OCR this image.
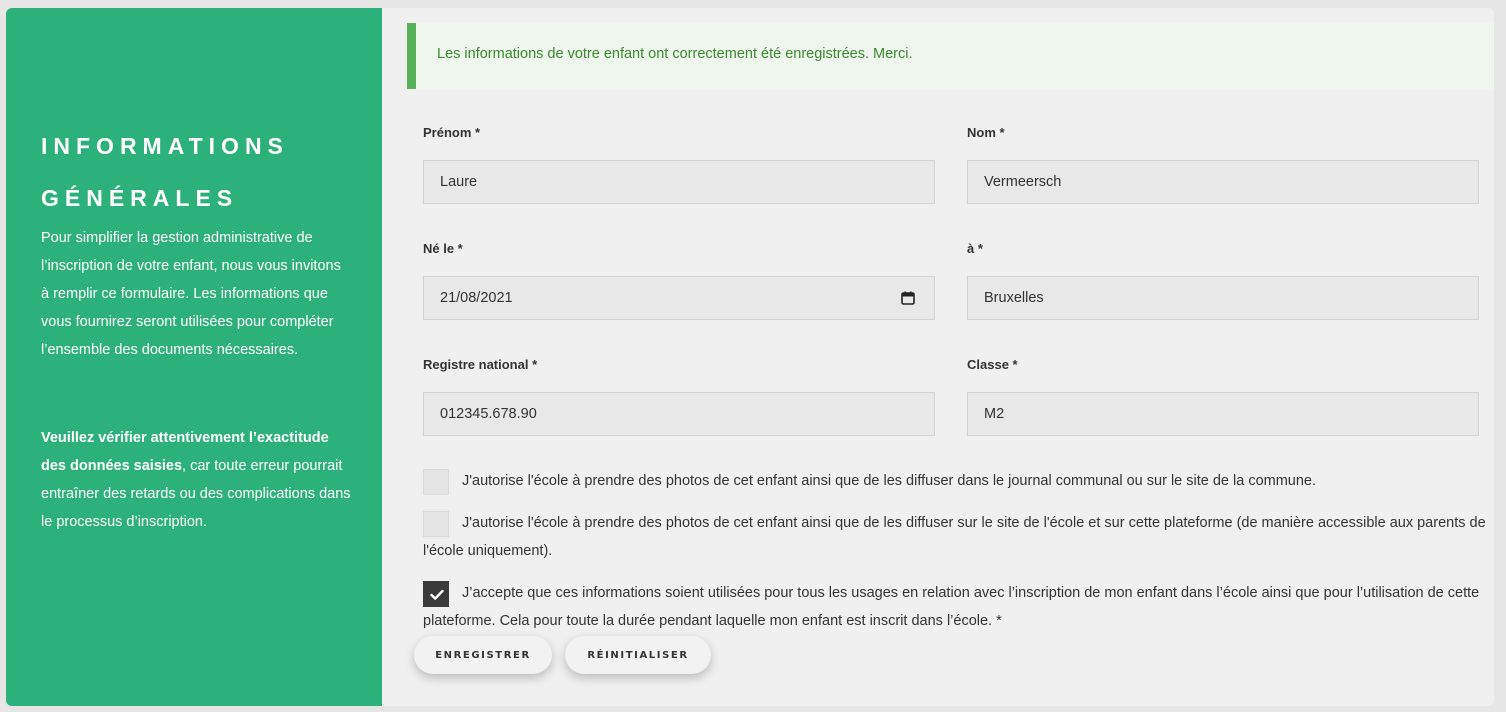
INFORMATIONS GÉNÉRALES

Pour simplifier la gestion administrative de l’inscription de votre enfant, nous vous invitons à remplir ce formulaire. Les informations que vous fournirez seront utilisées pour compléter l’ensemble des documents nécessaires.

Veuillez vérifier attentivement l’exactitude des données saisies, car toute erreur pourrait entraîner des retards ou des complications dans le processus d’inscription.

Les informations de votre enfant ont correctement été enregistrées. Merci.
Prénom *
Laure
Nom *
Vermeersch
Né le *
21/08/2021
à *
Bruxelles
Registre national *
012345.678.90
Classe *
M2

J'autorise l'école à prendre des photos de cet enfant ainsi que de les diffuser dans le journal communal ou sur le site de la commune.

J'autorise l'école à prendre des photos de cet enfant ainsi que de les diffuser sur le site de l'école et sur cette plateforme (de manière accessible aux parents de l'école uniquement).

J’accepte que ces informations soient utilisées pour tous les usages en relation avec l’inscription de mon enfant dans l’école ainsi que pour l’utilisation de cette plateforme. Cela pour toute la durée pendant laquelle mon enfant est inscrit dans l’école. *

ENREGISTRER	RÉINITIALISER
